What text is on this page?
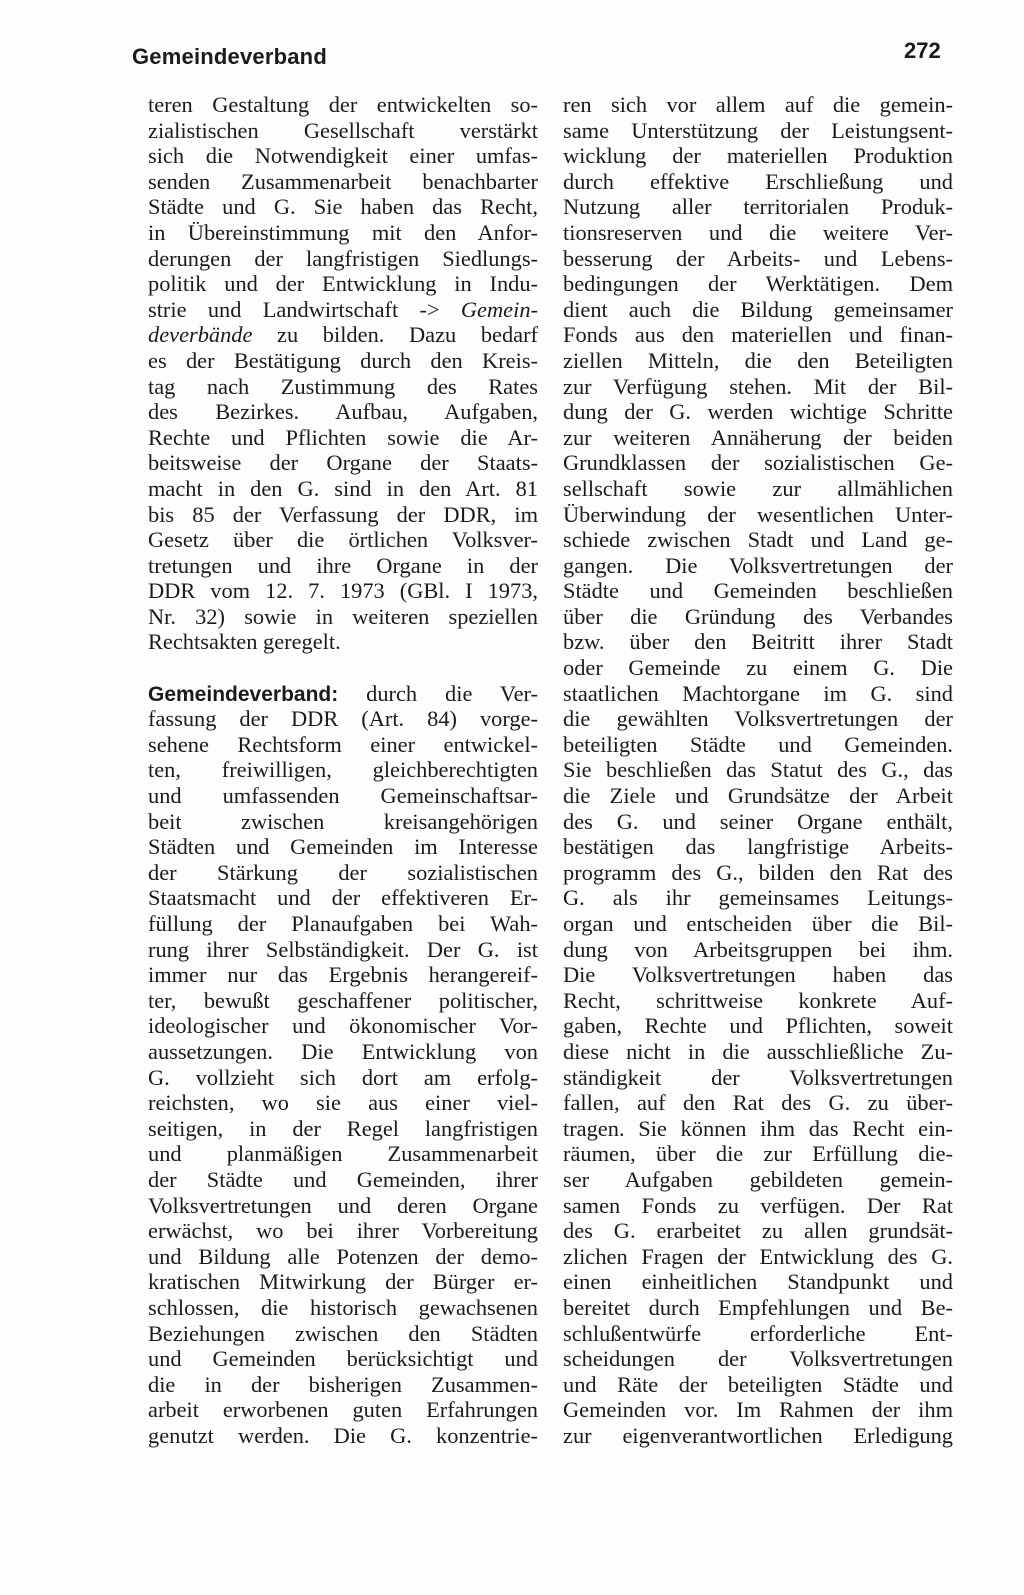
Gemeindeverband	272
teren Gestaltung der entwickelten so-
zialistischen Gesellschaft verstärkt
sich die Notwendigkeit einer umfas-
senden Zusammenarbeit benachbarter
Städte und G. Sie haben das Recht,
in Übereinstimmung mit den Anfor-
derungen der langfristigen Siedlungs-
politik und der Entwicklung in Indu-
strie und Landwirtschaft -> Gemein-
deverbände zu bilden. Dazu bedarf
es der Bestätigung durch den Kreis-
tag nach Zustimmung des Rates
des Bezirkes. Aufbau, Aufgaben,
Rechte und Pflichten sowie die Ar-
beitsweise der Organe der Staats-
macht in den G. sind in den Art. 81
bis 85 der Verfassung der DDR, im
Gesetz über die örtlichen Volksver-
tretungen und ihre Organe in der
DDR vom 12. 7. 1973 (GBl. I 1973,
Nr. 32) sowie in weiteren speziellen
Rechtsakten geregelt.
Gemeindeverband: durch die Ver-
fassung der DDR (Art. 84) vorge-
sehene Rechtsform einer entwickel-
ten, freiwilligen, gleichberechtigten
und umfassenden Gemeinschaftsar-
beit zwischen kreisangehörigen
Städten und Gemeinden im Interesse
der Stärkung der sozialistischen
Staatsmacht und der effektiveren Er-
füllung der Planaufgaben bei Wah-
rung ihrer Selbständigkeit. Der G. ist
immer nur das Ergebnis herangereif-
ter, bewußt geschaffener politischer,
ideologischer und ökonomischer Vor-
aussetzungen. Die Entwicklung von
G. vollzieht sich dort am erfolg-
reichsten, wo sie aus einer viel-
seitigen, in der Regel langfristigen
und planmäßigen Zusammenarbeit
der Städte und Gemeinden, ihrer
Volksvertretungen und deren Organe
erwächst, wo bei ihrer Vorbereitung
und Bildung alle Potenzen der demo-
kratischen Mitwirkung der Bürger er-
schlossen, die historisch gewachsenen
Beziehungen zwischen den Städten
und Gemeinden berücksichtigt und
die in der bisherigen Zusammen-
arbeit erworbenen guten Erfahrungen
genutzt werden. Die G. konzentrie-
ren sich vor allem auf die gemein-
same Unterstützung der Leistungsent-
wicklung der materiellen Produktion
durch effektive Erschließung und
Nutzung aller territorialen Produk-
tionsreserven und die weitere Ver-
besserung der Arbeits- und Lebens-
bedingungen der Werktätigen. Dem
dient auch die Bildung gemeinsamer
Fonds aus den materiellen und finan-
ziellen Mitteln, die den Beteiligten
zur Verfügung stehen. Mit der Bil-
dung der G. werden wichtige Schritte
zur weiteren Annäherung der beiden
Grundklassen der sozialistischen Ge-
sellschaft sowie zur allmählichen
Überwindung der wesentlichen Unter-
schiede zwischen Stadt und Land ge-
gangen. Die Volksvertretungen der
Städte und Gemeinden beschließen
über die Gründung des Verbandes
bzw. über den Beitritt ihrer Stadt
oder Gemeinde zu einem G. Die
staatlichen Machtorgane im G. sind
die gewählten Volksvertretungen der
beteiligten Städte und Gemeinden.
Sie beschließen das Statut des G., das
die Ziele und Grundsätze der Arbeit
des G. und seiner Organe enthält,
bestätigen das langfristige Arbeits-
programm des G., bilden den Rat des
G. als ihr gemeinsames Leitungs-
organ und entscheiden über die Bil-
dung von Arbeitsgruppen bei ihm.
Die Volksvertretungen haben das
Recht, schrittweise konkrete Auf-
gaben, Rechte und Pflichten, soweit
diese nicht in die ausschließliche Zu-
ständigkeit der Volksvertretungen
fallen, auf den Rat des G. zu über-
tragen. Sie können ihm das Recht ein-
räumen, über die zur Erfüllung die-
ser Aufgaben gebildeten gemein-
samen Fonds zu verfügen. Der Rat
des G. erarbeitet zu allen grundsät-
zlichen Fragen der Entwicklung des G.
einen einheitlichen Standpunkt und
bereitet durch Empfehlungen und Be-
schlußentwürfe erforderliche Ent-
scheidungen der Volksvertretungen
und Räte der beteiligten Städte und
Gemeinden vor. Im Rahmen der ihm
zur eigenverantwortlichen Erledigung
